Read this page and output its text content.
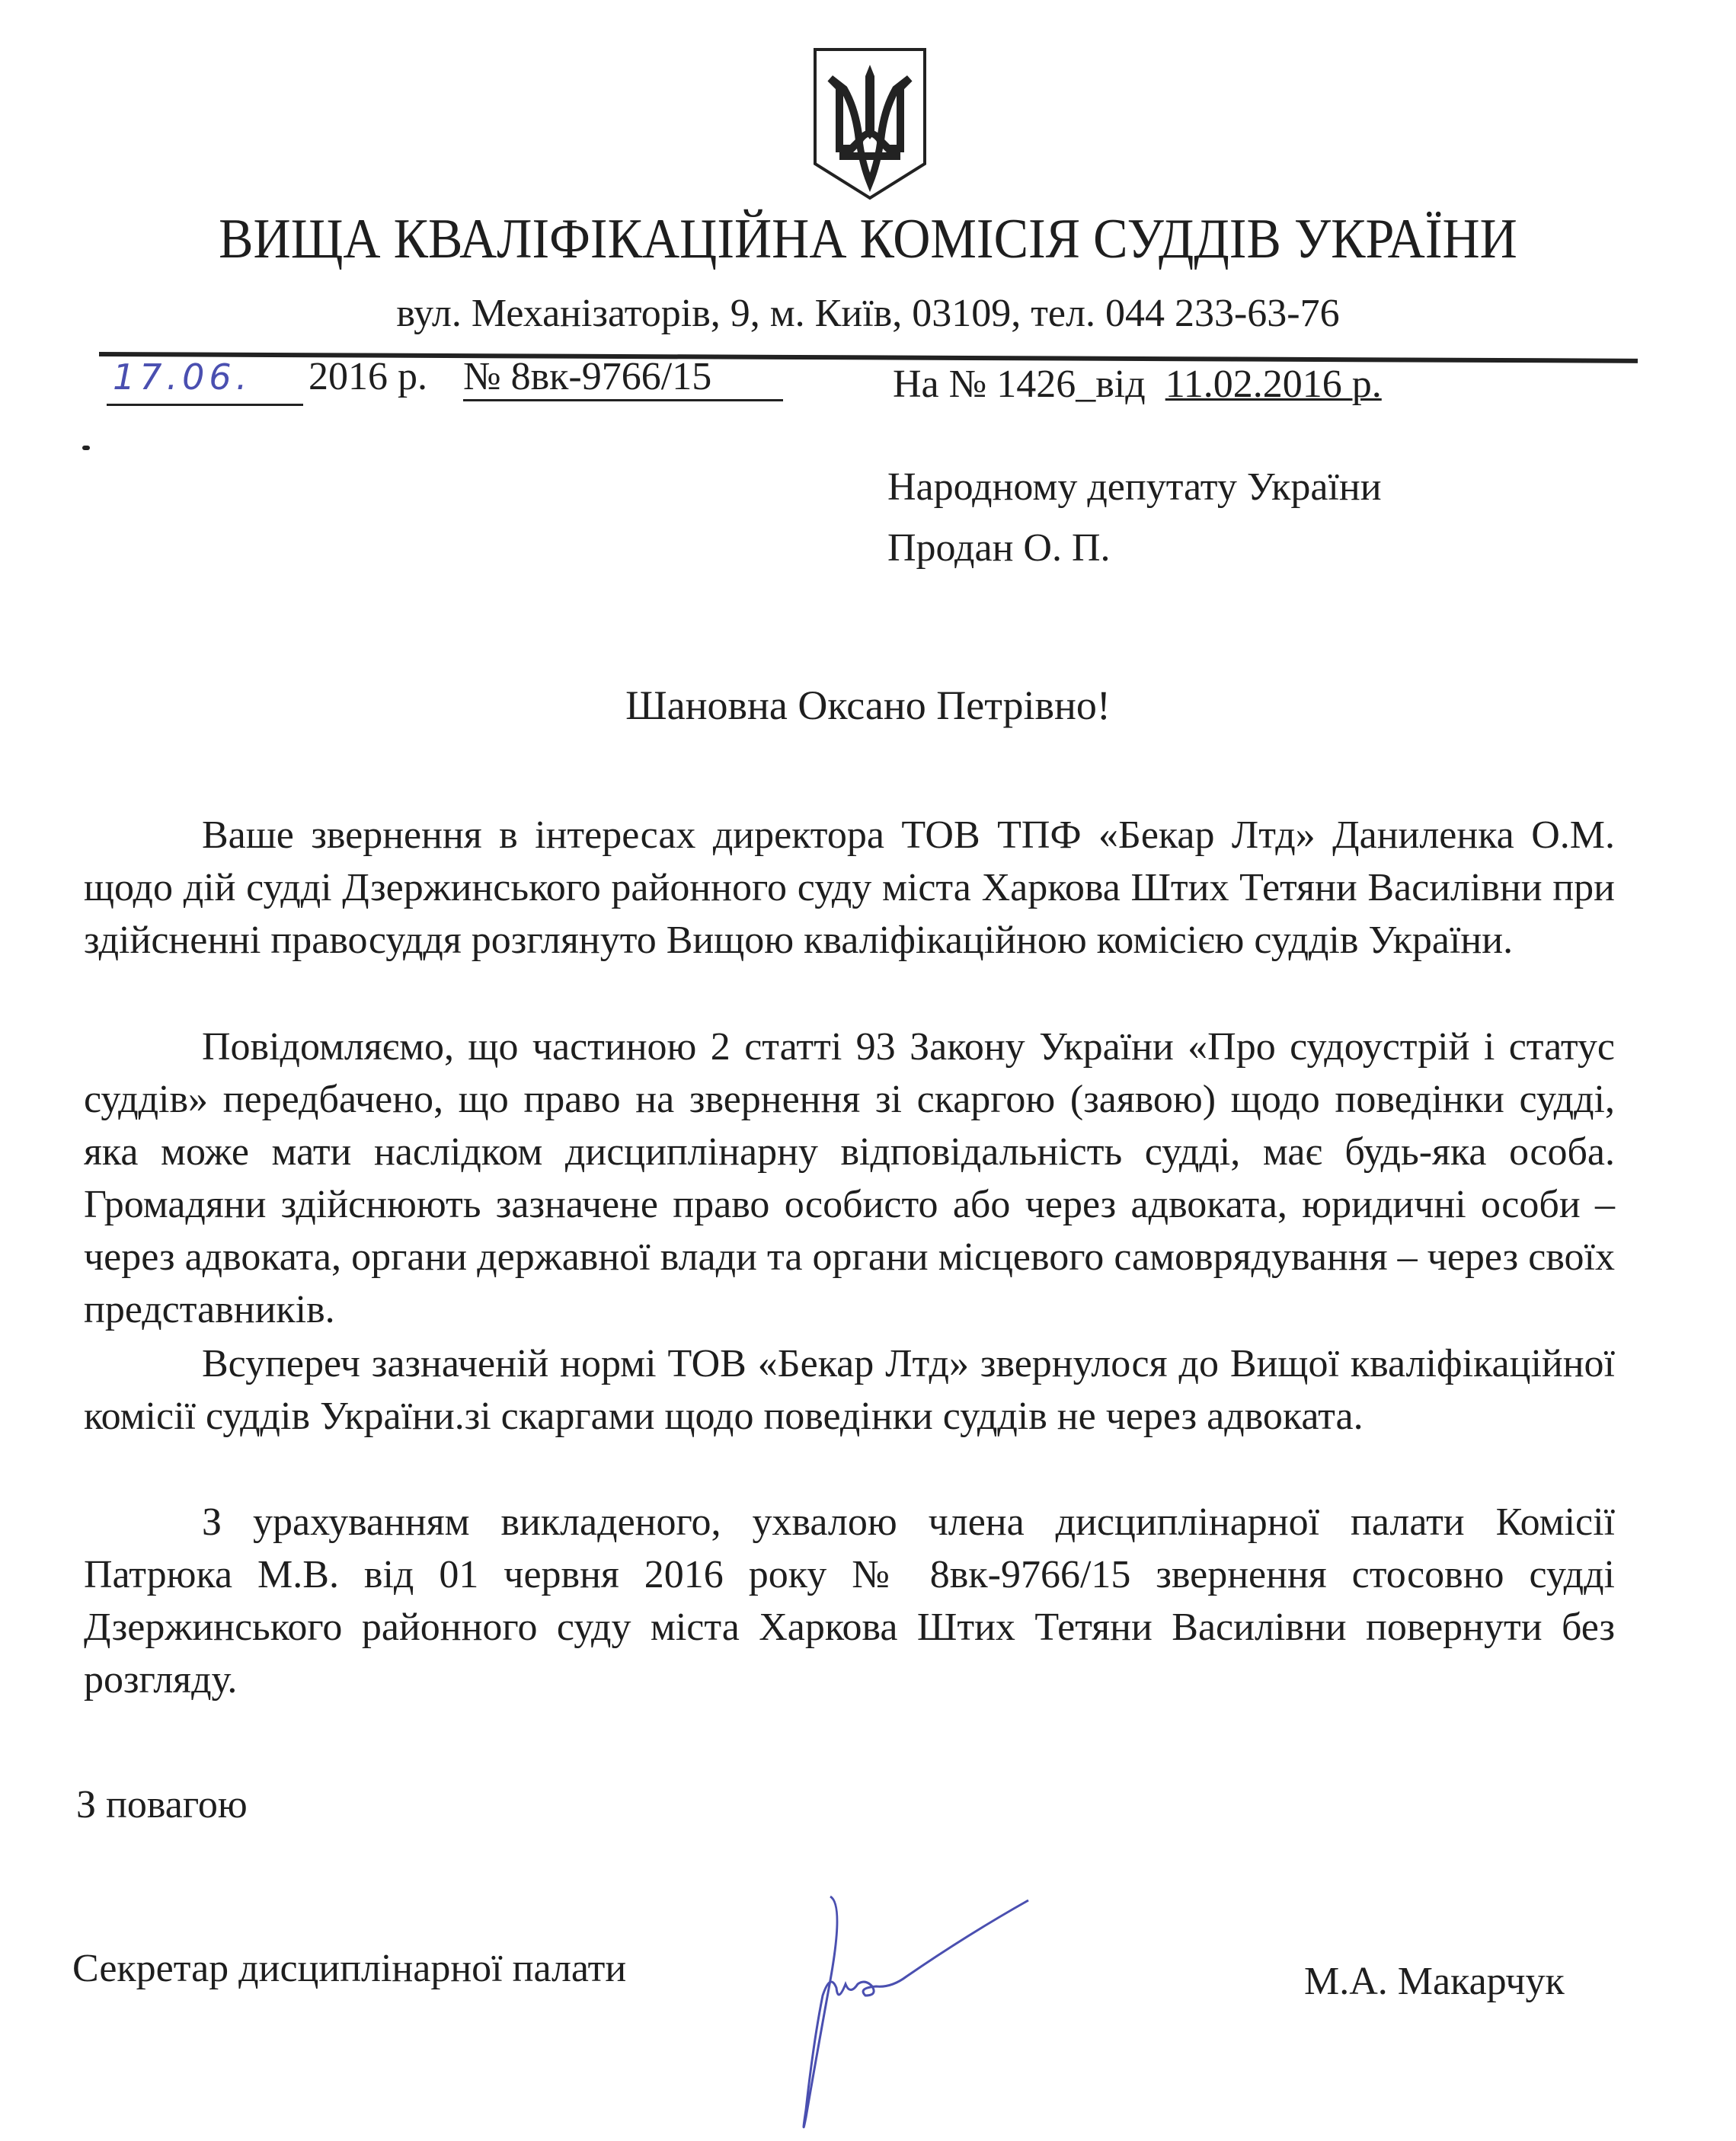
ВИЩА КВАЛІФІКАЦІЙНА КОМІСІЯ СУДДІВ УКРАЇНИ
вул. Механізаторів, 9, м. Київ, 03109, тел. 044 233-63-76
17.06.	2016 р. № 8вк-9766/15	На № 1426_від 11.02.2016 р.
Народному депутату України
Продан О. П.
Шановна Оксано Петрівно!

Ваше звернення в інтересах директора ТОВ ТПФ «Бекар Лтд» Даниленка О.М. щодо дій судді Дзержинського районного суду міста Харкова Штих Тетяни Василівни при здійсненні правосуддя розглянуто Вищою кваліфікаційною комісією суддів України.

Повідомляємо, що частиною 2 статті 93 Закону України «Про судоустрій і статус суддів» передбачено, що право на звернення зі скаргою (заявою) щодо поведінки судді, яка може мати наслідком дисциплінарну відповідальність судді, має будь-яка особа. Громадяни здійснюють зазначене право особисто або через адвоката, юридичні особи – через адвоката, органи державної влади та органи місцевого самоврядування – через своїх представників.

Всупереч зазначеній нормі ТОВ «Бекар Лтд» звернулося до Вищої кваліфікаційної комісії суддів України.зі скаргами щодо поведінки суддів не через адвоката.

З урахуванням викладеного, ухвалою члена дисциплінарної палати Комісії Патрюка М.В. від 01 червня 2016 року № 8вк-9766/15 звернення стосовно судді Дзержинського районного суду міста Харкова Штих Тетяни Василівни повернути без розгляду.

З повагою
Секретар дисциплінарної палати	М.А. Макарчук
